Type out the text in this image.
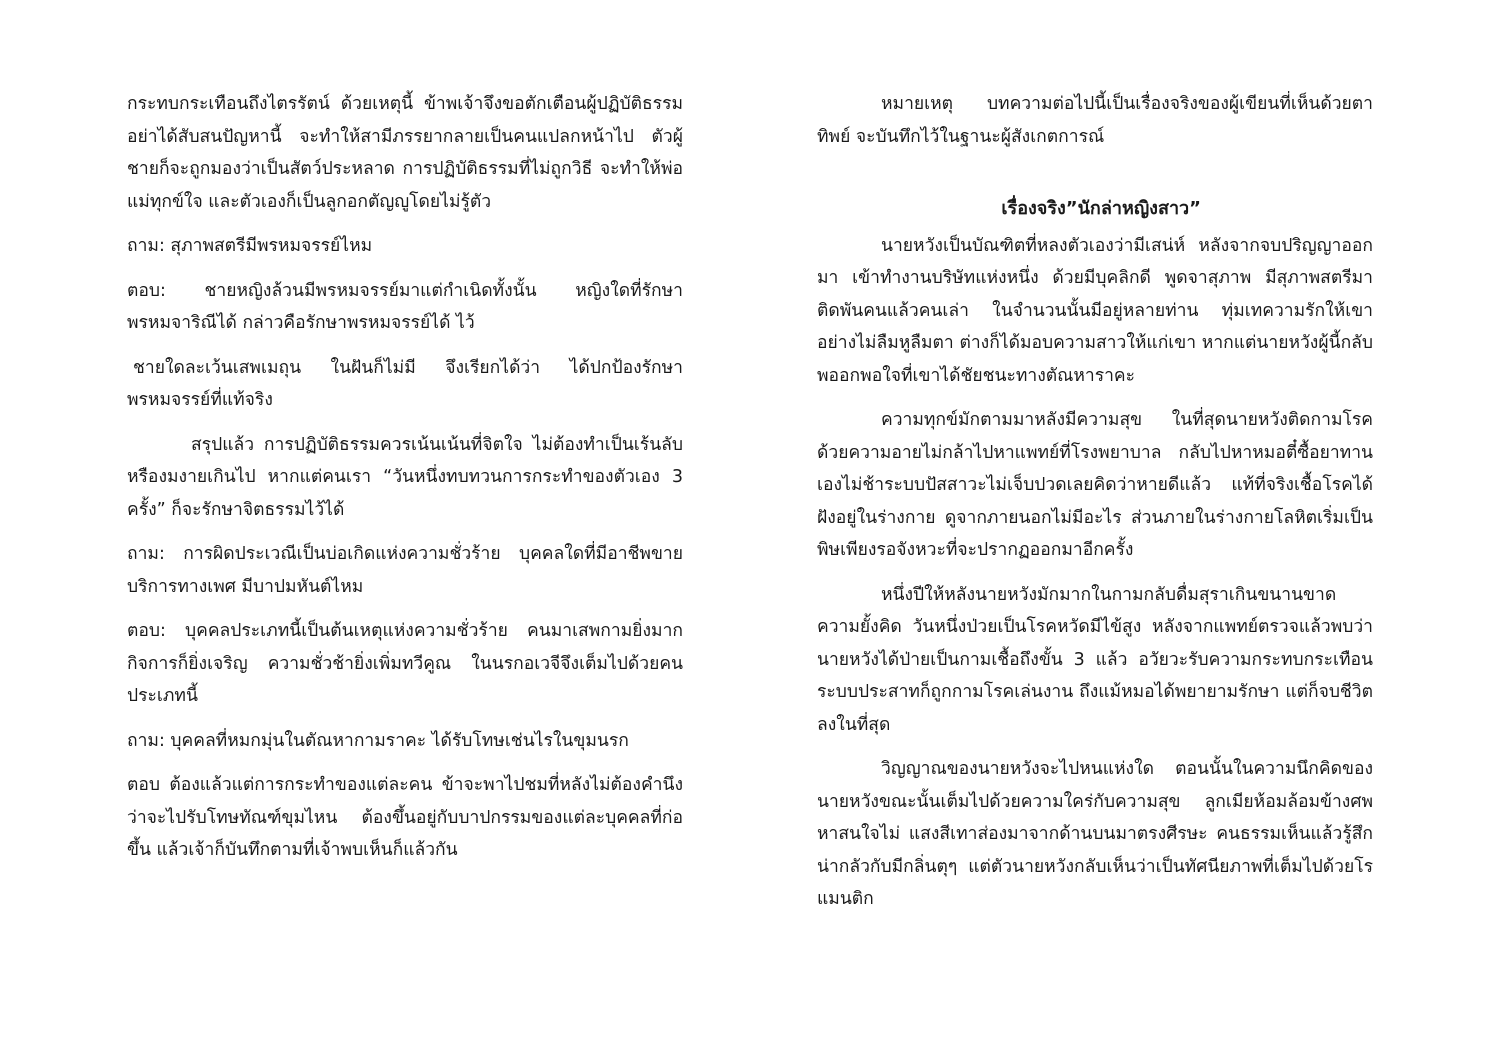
กระทบกระเทือนถึงไตรรัตน์ ด้วยเหตุนี้ ข้าพเจ้าจึงขอตักเตือนผู้ปฏิบัติธรรมอย่าได้สับสนปัญหานี้ จะทำให้สามีภรรยากลายเป็นคนแปลกหน้าไป ตัวผู้ชายก็จะถูกมองว่าเป็นสัตว์ประหลาด การปฏิบัติธรรมที่ไม่ถูกวิธี จะทำให้พ่อแม่ทุกข์ใจ และตัวเองก็เป็นลูกอกตัญญูโดยไม่รู้ตัว

ถาม: สุภาพสตรีมีพรหมจรรย์ไหม

ตอบ: ชายหญิงล้วนมีพรหมจรรย์มาแต่กำเนิดทั้งนั้น หญิงใดที่รักษาพรหมจาริณีได้ กล่าวคือรักษาพรหมจรรย์ได้ ไว้

ชายใดละเว้นเสพเมถุน ในฝันก็ไม่มี จึงเรียกได้ว่า ได้ปกป้องรักษาพรหมจรรย์ที่แท้จริง

สรุปแล้ว การปฏิบัติธรรมควรเน้นเน้นที่จิตใจ ไม่ต้องทำเป็นเร้นลับหรืองมงายเกินไป หากแต่คนเรา “วันหนึ่งทบทวนการกระทำของตัวเอง 3 ครั้ง” ก็จะรักษาจิตธรรมไว้ได้

ถาม: การผิดประเวณีเป็นบ่อเกิดแห่งความชั่วร้าย บุคคลใดที่มีอาชีพขายบริการทางเพศ มีบาปมหันต์ไหม

ตอบ: บุคคลประเภทนี้เป็นต้นเหตุแห่งความชั่วร้าย คนมาเสพกามยิ่งมากกิจการก็ยิ่งเจริญ ความชั่วช้ายิ่งเพิ่มทวีคูณ ในนรกอเวจีจึงเต็มไปด้วยคนประเภทนี้

ถาม: บุคคลที่หมกมุ่นในตัณหากามราคะ ได้รับโทษเช่นไรในขุมนรก

ตอบ ต้องแล้วแต่การกระทำของแต่ละคน ข้าจะพาไปชมที่หลังไม่ต้องคำนึงว่าจะไปรับโทษทัณฑ์ขุมไหน ต้องขึ้นอยู่กับบาปกรรมของแต่ละบุคคลที่ก่อขึ้น แล้วเจ้าก็บันทึกตามที่เจ้าพบเห็นก็แล้วกัน

หมายเหตุ บทความต่อไปนี้เป็นเรื่องจริงของผู้เขียนที่เห็นด้วยตาทิพย์ จะบันทึกไว้ในฐานะผู้สังเกตการณ์

เรื่องจริง”นักล่าหญิงสาว”

นายหวังเป็นบัณฑิตที่หลงตัวเองว่ามีเสน่ห์ หลังจากจบปริญญาออกมา เข้าทำงานบริษัทแห่งหนึ่ง ด้วยมีบุคลิกดี พูดจาสุภาพ มีสุภาพสตรีมาติดพันคนแล้วคนเล่า ในจำนวนนั้นมีอยู่หลายท่าน ทุ่มเทความรักให้เขาอย่างไม่ลืมหูลืมตา ต่างก็ได้มอบความสาวให้แก่เขา หากแต่นายหวังผู้นี้กลับพออกพอใจที่เขาได้ชัยชนะทางตัณหาราคะ

ความทุกข์มักตามมาหลังมีความสุข ในที่สุดนายหวังติดกามโรคด้วยความอายไม่กล้าไปหาแพทย์ที่โรงพยาบาล กลับไปหาหมอตี๋ซื้อยาทานเองไม่ช้าระบบปัสสาวะไม่เจ็บปวดเลยคิดว่าหายดีแล้ว แท้ที่จริงเชื้อโรคได้ฝังอยู่ในร่างกาย ดูจากภายนอกไม่มีอะไร ส่วนภายในร่างกายโลหิตเริ่มเป็นพิษเพียงรอจังหวะที่จะปรากฏออกมาอีกครั้ง

หนึ่งปีให้หลังนายหวังมักมากในกามกลับดื่มสุราเกินขนานขาดความยั้งคิด วันหนึ่งป่วยเป็นโรคหวัดมีไข้สูง หลังจากแพทย์ตรวจแล้วพบว่านายหวังได้ป่ายเป็นกามเชื้อถึงขั้น 3 แล้ว อวัยวะรับความกระทบกระเทือนระบบประสาทก็ถูกกามโรคเล่นงาน ถึงแม้หมอได้พยายามรักษา แต่ก็จบชีวิตลงในที่สุด

วิญญาณของนายหวังจะไปหนแห่งใด ตอนนั้นในความนึกคิดของนายหวังขณะนั้นเต็มไปด้วยความใคร่กับความสุข ลูกเมียห้อมล้อมข้างศพหาสนใจไม่ แสงสีเทาส่องมาจากด้านบนมาตรงศีรษะ คนธรรมเห็นแล้วรู้สึกน่ากลัวกับมีกลิ่นตุๆ แต่ตัวนายหวังกลับเห็นว่าเป็นทัศนียภาพที่เต็มไปด้วยโรแมนติก
